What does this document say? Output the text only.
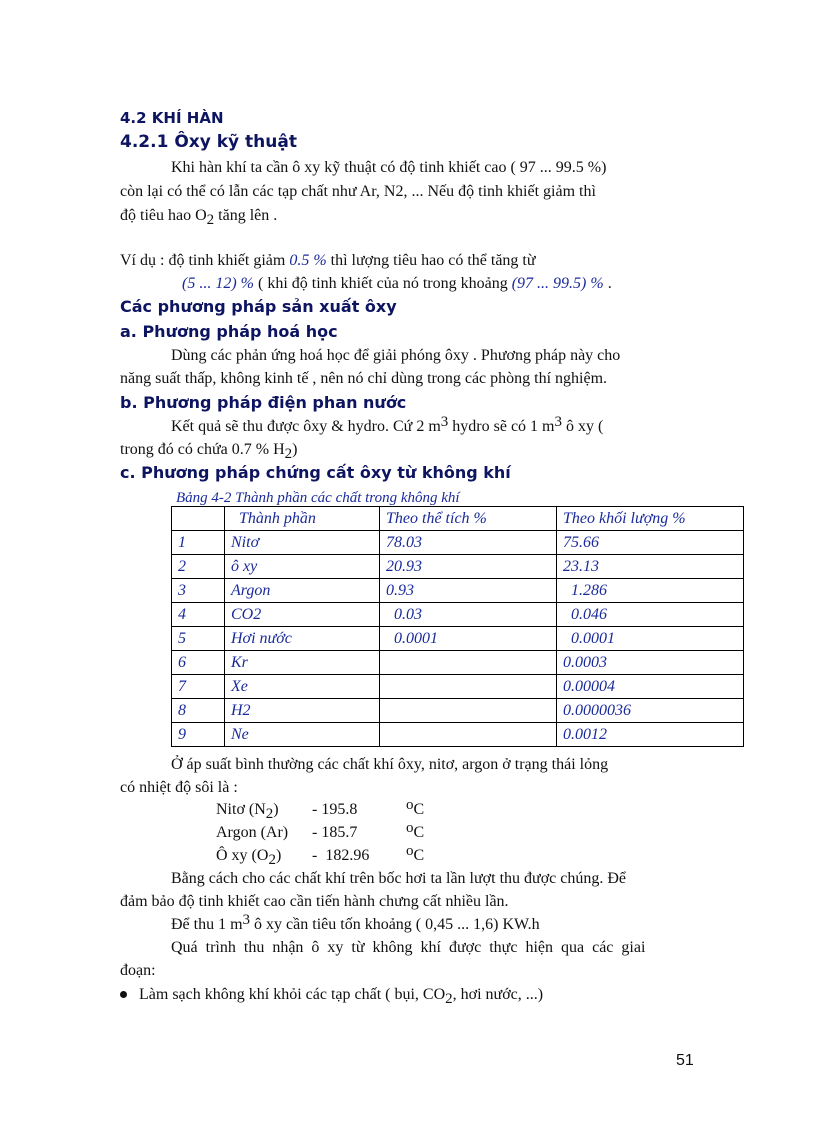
4.2 KHÍ HÀN
4.2.1 Ôxy kỹ thuật
Khi hàn khí ta cần ô xy kỹ thuật có độ tinh khiết cao ( 97 ... 99.5 %)
còn lại có thể có lẫn các tạp chất như Ar, N2, ... Nếu độ tinh khiết giảm thì
độ tiêu hao $O_2$ tăng lên .
Ví dụ : độ tinh khiết giảm 0.5 % thì lượng tiêu hao có thể tăng từ
(5 ... 12) % ( khi độ tinh khiết của nó trong khoảng (97 ... 99.5) % .
Các phương pháp sản xuất ôxy
a. Phương pháp hoá học
Dùng các phản ứng hoá học để giải phóng ôxy . Phương pháp này cho
năng suất thấp, không kinh tế , nên nó chỉ dùng trong các phòng thí nghiệm.
b. Phương pháp điện phan nước
Kết quả sẽ thu được ôxy & hydro. Cứ 2 $m^3$ hydro sẽ có 1 $m^3$ ô xy (
trong đó có chứa 0.7 % $H_2$)
c. Phương pháp chứng cất ôxy từ không khí
Bảng 4-2 Thành phần các chất trong không khí
	Thành phần	Theo thể tích %	Theo khối lượng %
1	Nitơ	78.03	75.66
2	ô xy	20.93	23.13
3	Argon	0.93	1.286
4	CO2	0.03	0.046
5	Hơi nước	0.0001	0.0001
6	Kr		0.0003
7	Xe		0.00004
8	H2		0.0000036
9	Ne		0.0012
Ở áp suất bình thường các chất khí ôxy, nitơ, argon ở trạng thái lỏng
có nhiệt độ sôi là :
Nitơ $(N_2) - 195.8$	$^o$C
Argon (Ar) - 185.7	$^o$C
Ô xy $(O_2) - 182.96$ $^o$C
Bằng cách cho các chất khí trên bốc hơi ta lần lượt thu được chúng. Để
đảm bảo độ tinh khiết cao cần tiến hành chưng cất nhiều lần.
Để thu 1 $m^3$ ô xy cần tiêu tốn khoảng ( 0,45 ... 1,6) KW.h
Quá  trình  thu  nhận  ô  xy  từ  không  khí  được  thực  hiện  qua  các  giai
đoạn:
Làm sạch không khí khỏi các tạp chất ( bụi, $CO_2$, hơi nước, ...)
51
